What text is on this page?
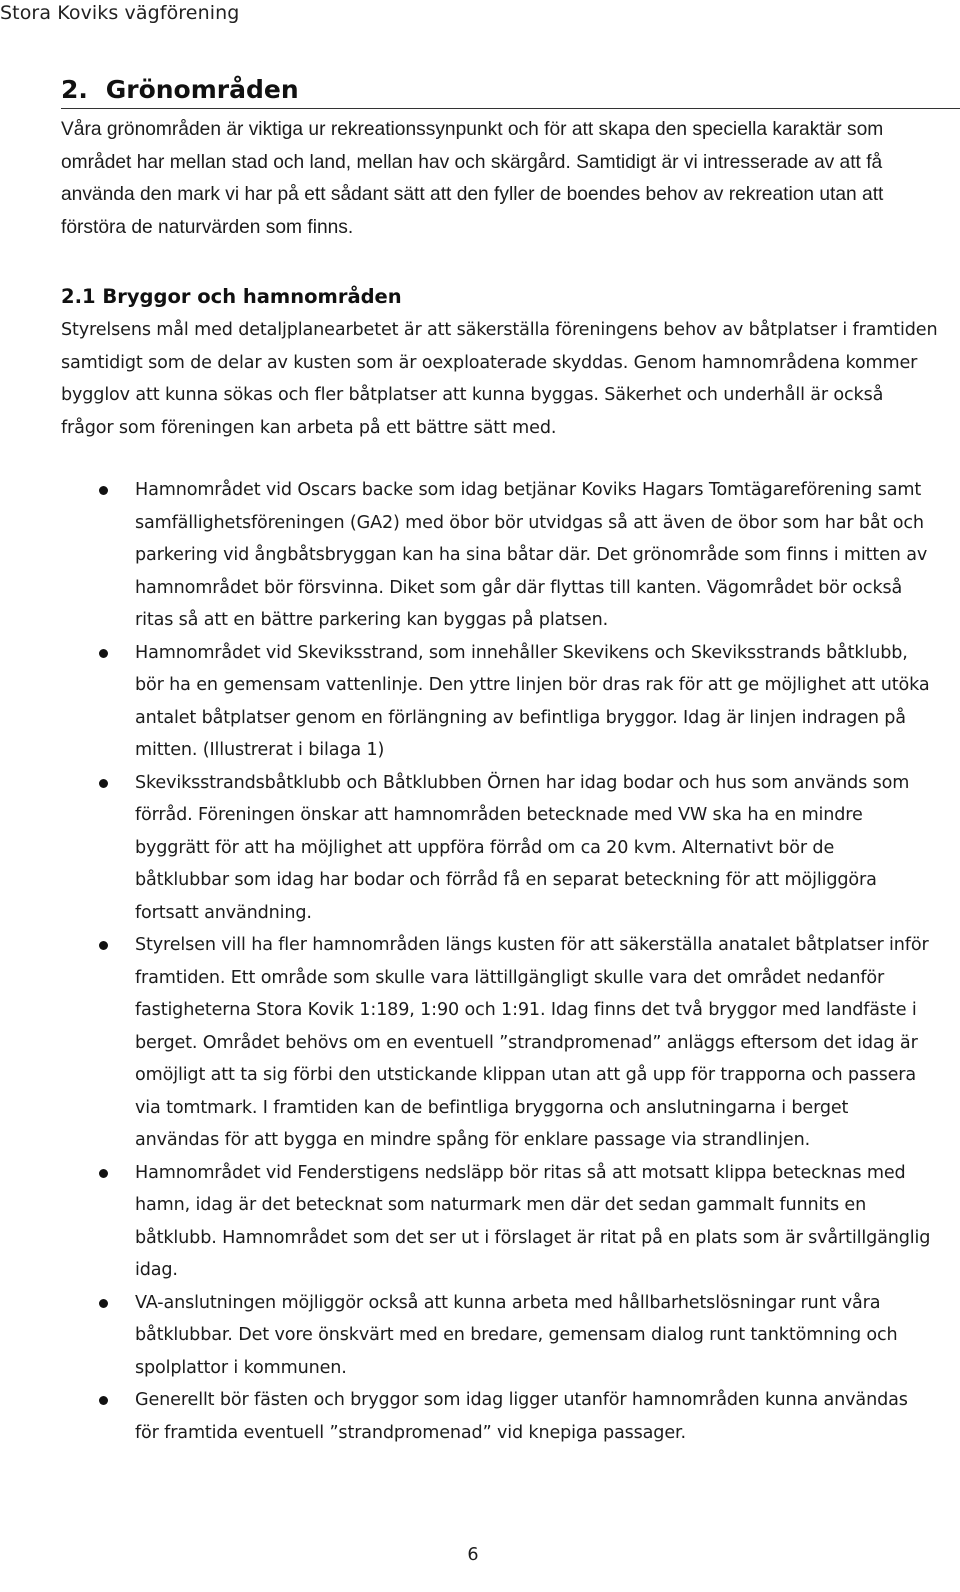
Stora Koviks vägförening
2. Grönområden

Våra grönområden är viktiga ur rekreationssynpunkt och för att skapa den speciella karaktär som området har mellan stad och land, mellan hav och skärgård. Samtidigt är vi intresserade av att få använda den mark vi har på ett sådant sätt att den fyller de boendes behov av rekreation utan att förstöra de naturvärden som finns.

2.1 Bryggor och hamnområden

Styrelsens mål med detaljplanearbetet är att säkerställa föreningens behov av båtplatser i framtiden samtidigt som de delar av kusten som är oexploaterade skyddas. Genom hamnområdena kommer bygglov att kunna sökas och fler båtplatser att kunna byggas. Säkerhet och underhåll är också frågor som föreningen kan arbeta på ett bättre sätt med.

Hamnområdet vid Oscars backe som idag betjänar Koviks Hagars Tomtägareförening samt samfällighetsföreningen (GA2) med öbor bör utvidgas så att även de öbor som har båt och parkering vid ångbåtsbryggan kan ha sina båtar där. Det grönområde som finns i mitten av hamnområdet bör försvinna. Diket som går där flyttas till kanten. Vägområdet bör också ritas så att en bättre parkering kan byggas på platsen.
Hamnområdet vid Skeviksstrand, som innehåller Skevikens och Skeviksstrands båtklubb, bör ha en gemensam vattenlinje. Den yttre linjen bör dras rak för att ge möjlighet att utöka antalet båtplatser genom en förlängning av befintliga bryggor. Idag är linjen indragen på mitten. (Illustrerat i bilaga 1)
Skeviksstrandsbåtklubb och Båtklubben Örnen har idag bodar och hus som används som förråd. Föreningen önskar att hamnområden betecknade med VW ska ha en mindre byggrätt för att ha möjlighet att uppföra förråd om ca 20 kvm. Alternativt bör de båtklubbar som idag har bodar och förråd få en separat beteckning för att möjliggöra fortsatt användning.
Styrelsen vill ha fler hamnområden längs kusten för att säkerställa anatalet båtplatser inför framtiden. Ett område som skulle vara lättillgängligt skulle vara det området nedanför fastigheterna Stora Kovik 1:189, 1:90 och 1:91. Idag finns det två bryggor med landfäste i berget. Området behövs om en eventuell ”strandpromenad” anläggs eftersom det idag är omöjligt att ta sig förbi den utstickande klippan utan att gå upp för trapporna och passera via tomtmark. I framtiden kan de befintliga bryggorna och anslutningarna i berget användas för att bygga en mindre spång för enklare passage via strandlinjen.
Hamnområdet vid Fenderstigens nedsläpp bör ritas så att motsatt klippa betecknas med hamn, idag är det betecknat som naturmark men där det sedan gammalt funnits en båtklubb. Hamnområdet som det ser ut i förslaget är ritat på en plats som är svårtillgänglig idag.
VA-anslutningen möjliggör också att kunna arbeta med hållbarhetslösningar runt våra båtklubbar. Det vore önskvärt med en bredare, gemensam dialog runt tanktömning och spolplattor i kommunen.
Generellt bör fästen och bryggor som idag ligger utanför hamnområden kunna användas för framtida eventuell ”strandpromenad” vid knepiga passager.
6
